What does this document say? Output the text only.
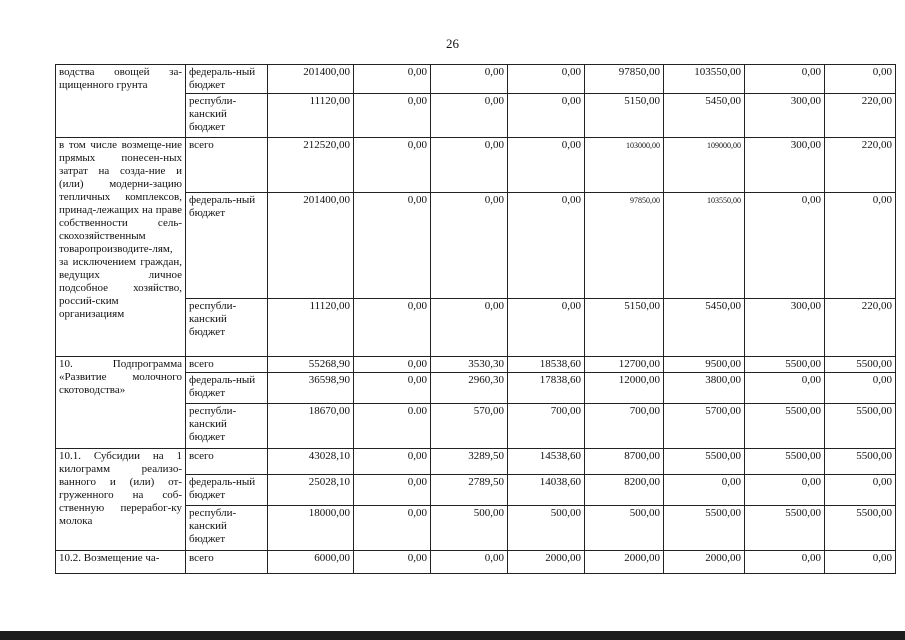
26
водства овощей за-щищенного грунта	федераль-ный бюджет	201400,00	0,00	0,00	0,00	97850,00	103550,00	0,00	0,00
	республи-канский бюджет	11120,00	0,00	0,00	0,00	5150,00	5450,00	300,00	220,00
в том числе возмеще-ние прямых понесен-ных затрат на созда-ние и (или) модерни-зацию тепличных комплексов, принад-лежащих на праве собственности сель-скохозяйственным товаропроизводите-лям, за исключением граждан, ведущих личное подсобное хозяйство, россий-ским организациям	всего	212520,00	0,00	0,00	0,00	103000,00	109000,00	300,00	220,00
	федераль-ный бюджет	201400,00	0,00	0,00	0,00	97850,00	103550,00	0,00	0,00
	республи-канский бюджет	11120,00	0,00	0,00	0,00	5150,00	5450,00	300,00	220,00
10. Подпрограмма «Развитие молочного скотоводства»	всего	55268,90	0,00	3530,30	18538,60	12700,00	9500,00	5500,00	5500,00
	федераль-ный бюджет	36598,90	0,00	2960,30	17838,60	12000,00	3800,00	0,00	0,00
	республи-канский бюджет	18670,00	0.00	570,00	700,00	700,00	5700,00	5500,00	5500,00
10.1. Субсидии на 1 килограмм реализо-ванного и (или) от-груженного на соб-ственную перерабог-ку молока	всего	43028,10	0,00	3289,50	14538,60	8700,00	5500,00	5500,00	5500,00
	федераль-ный бюджет	25028,10	0,00	2789,50	14038,60	8200,00	0,00	0,00	0,00
	республи-канский бюджет	18000,00	0,00	500,00	500,00	500,00	5500,00	5500,00	5500,00
10.2. Возмещение ча-	всего	6000,00	0,00	0,00	2000,00	2000,00	2000,00	0,00	0,00
